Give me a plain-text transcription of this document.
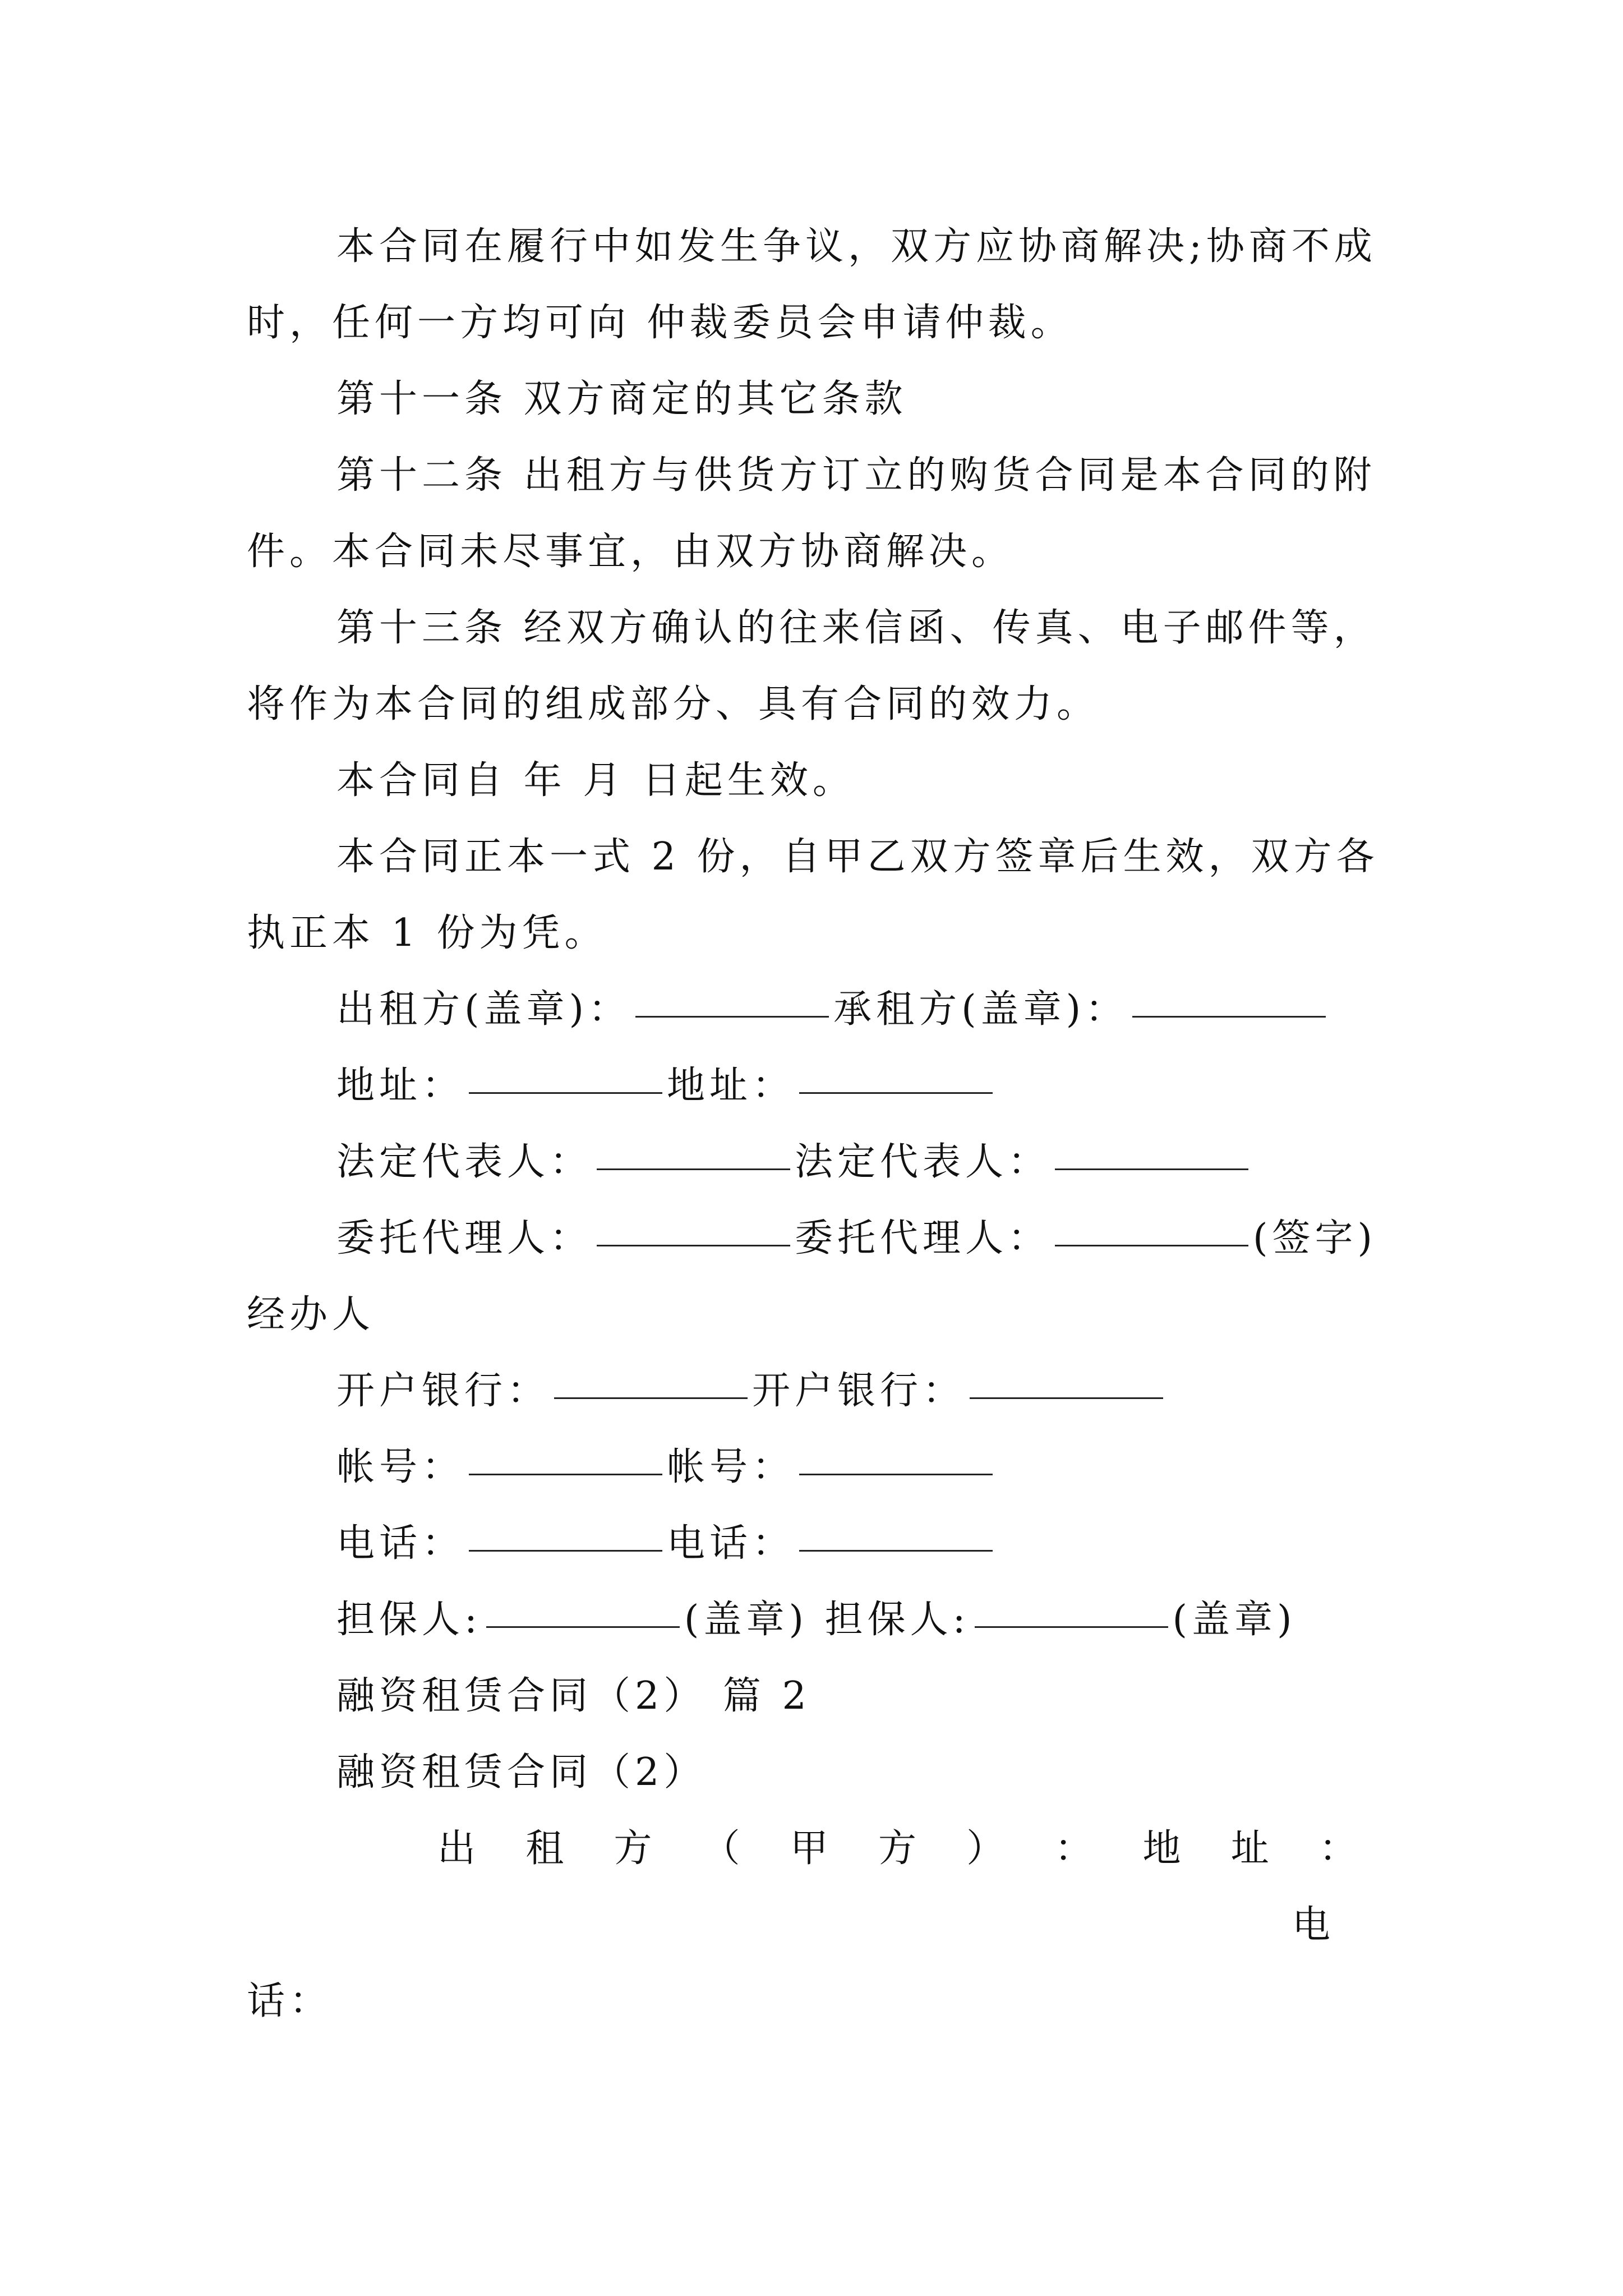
本合同在履行中如发生争议，双方应协商解决;协商不成时，任何一方均可向 仲裁委员会申请仲裁。

第十一条 双方商定的其它条款

第十二条 出租方与供货方订立的购货合同是本合同的附件。本合同未尽事宜，由双方协商解决。

第十三条 经双方确认的往来信函、传真、电子邮件等，将作为本合同的组成部分、具有合同的效力。

本合同自 年 月 日起生效。

本合同正本一式 2 份，自甲乙双方签章后生效，双方各执正本 1 份为凭。

出租方(盖章)：	承租方(盖章)：

地址：	地址：

法定代表人：	法定代表人：

委托代理人：	委托代理人：	(签字) 经办人

开户银行：	开户银行：

帐号：	帐号：

电话：	电话：

担保人:	(盖章) 担保人:	(盖章)

融资租赁合同（2） 篇 2

融资租赁合同（2）

出 租 方 （ 甲 方 ） ： 地 址 ：

电

话：
